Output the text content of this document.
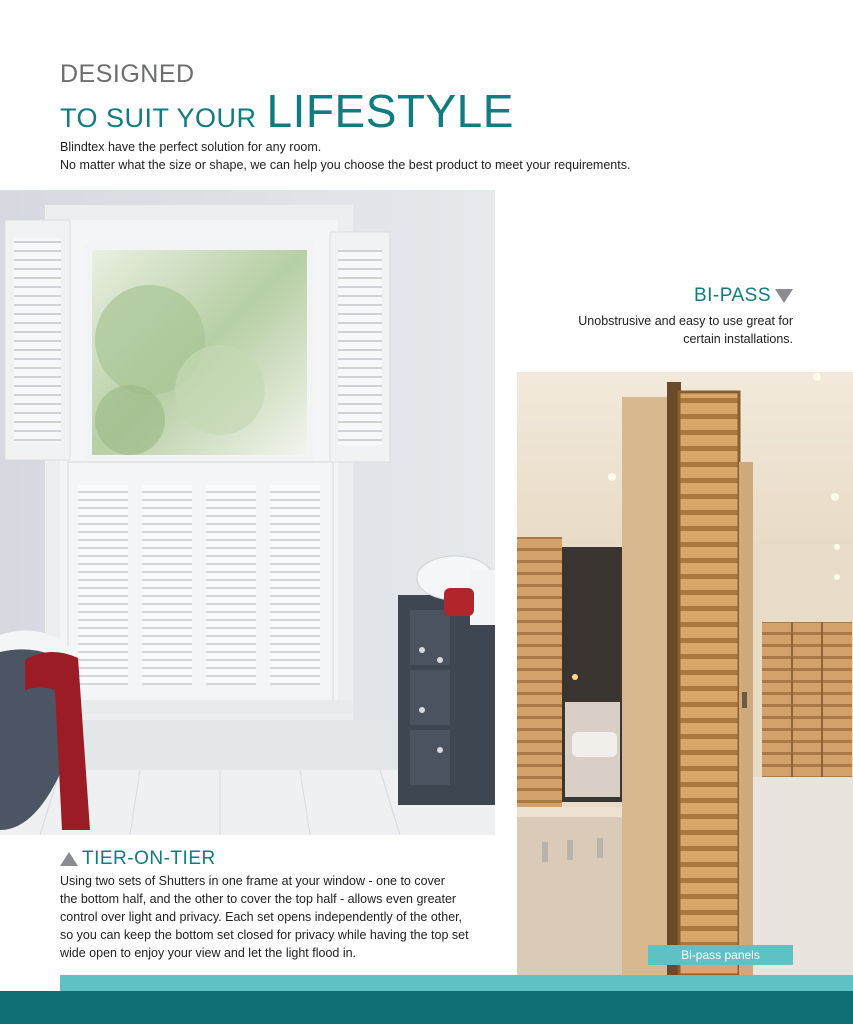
DESIGNED
TO SUIT YOUR LIFESTYLE
Blindtex have the perfect solution for any room.
No matter what the size or shape, we can help you choose the best product to meet your requirements.
BI-PASS
Unobstrusive and easy to use great for
certain installations.
Bi-pass panels
TIER-ON-TIER
Using two sets of Shutters in one frame at your window - one to cover
the bottom half, and the other to cover the top half - allows even greater
control over light and privacy. Each set opens independently of the other,
so you can keep the bottom set closed for privacy while having the top set
wide open to enjoy your view and let the light flood in.
